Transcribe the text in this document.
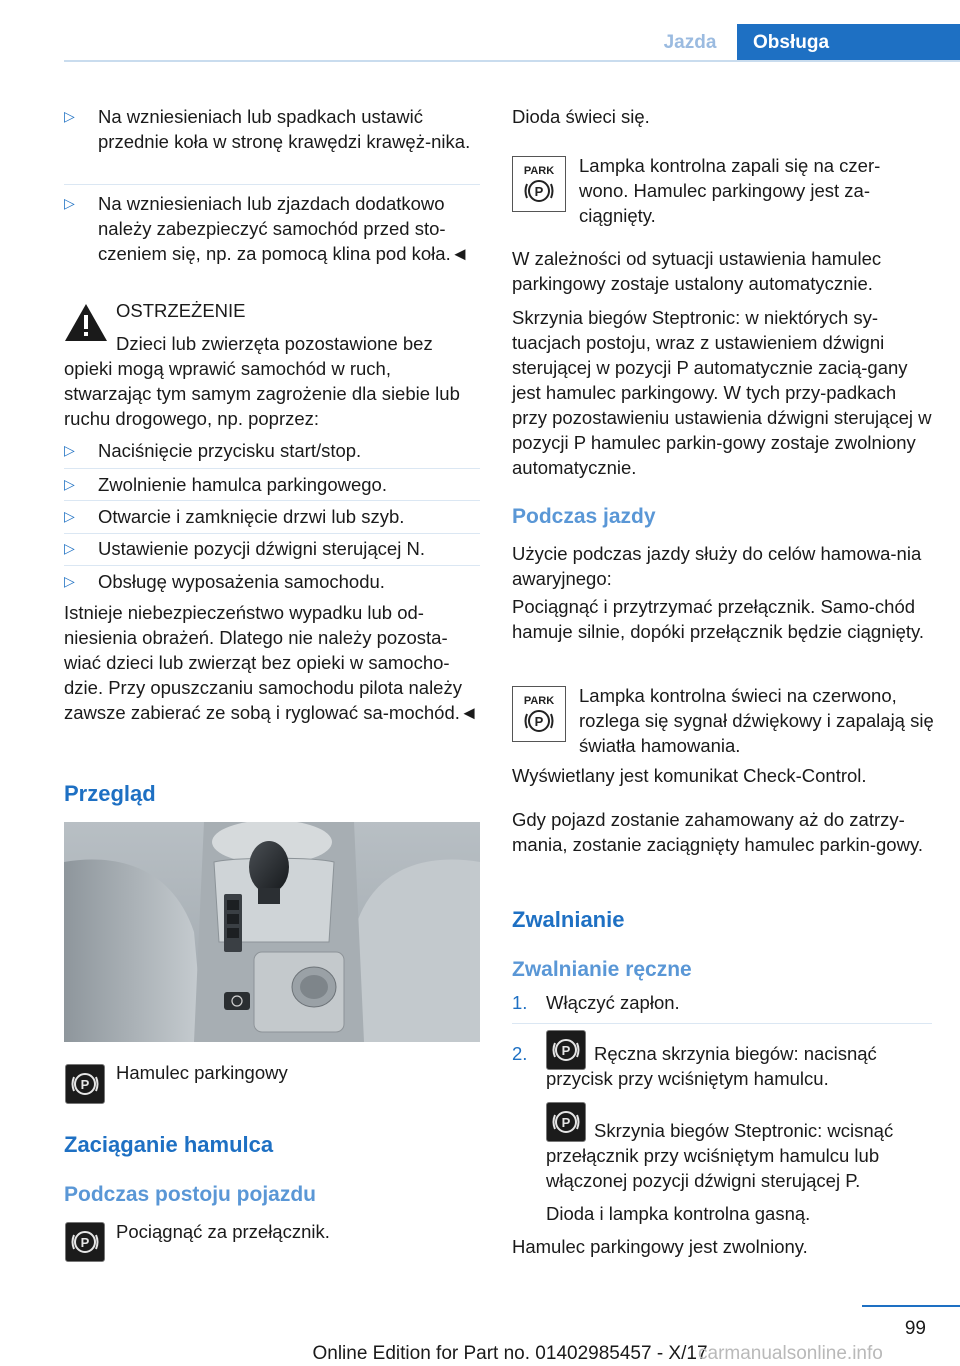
Jazda	Obsługa
▷ Na wzniesieniach lub spadkach ustawić przednie koła w stronę krawędzi krawęż-nika.

▷ Na wzniesieniach lub zjazdach dodatkowo należy zabezpieczyć samochód przed sto-czeniem się, np. za pomocą klina pod koła.◄

OSTRZEŻENIE

Dzieci lub zwierzęta pozostawione bez opieki mogą wprawić samochód w ruch, stwarzając tym samym zagrożenie dla siebie lub ruchu drogowego, np. poprzez:

▷ Naciśnięcie przycisku start/stop.

▷ Zwolnienie hamulca parkingowego.

▷ Otwarcie i zamknięcie drzwi lub szyb.

▷ Ustawienie pozycji dźwigni sterującej N.

▷ Obsługę wyposażenia samochodu.

Istnieje niebezpieczeństwo wypadku lub od-niesienia obrażeń. Dlatego nie należy pozosta-wiać dzieci lub zwierząt bez opieki w samocho-dzie. Przy opuszczaniu samochodu pilota należy zawsze zabierać ze sobą i ryglować sa-mochód.◄

Przegląd
P

Hamulec parkingowy

Zaciąganie hamulca
Podczas postoju pojazdu
P

Pociągnąć za przełącznik.

Dioda świeci się.

PARK
P

Lampka kontrolna zapali się na czer-wono. Hamulec parkingowy jest za-ciągnięty.

W zależności od sytuacji ustawienia hamulec parkingowy zostaje ustalony automatycznie.

Skrzynia biegów Steptronic: w niektórych sy-tuacjach postoju, wraz z ustawieniem dźwigni sterującej w pozycji P automatycznie zacią-gany jest hamulec parkingowy. W tych przy-padkach przy pozostawieniu ustawienia dźwigni sterującej w pozycji P hamulec parkin-gowy zostaje zwolniony automatycznie.

Podczas jazdy

Użycie podczas jazdy służy do celów hamowa-nia awaryjnego:

Pociągnąć i przytrzymać przełącznik. Samo-chód hamuje silnie, dopóki przełącznik będzie ciągnięty.

PARK
P

Lampka kontrolna świeci na czerwono, rozlega się sygnał dźwiękowy i zapalają się światła hamowania.

Wyświetlany jest komunikat Check-Control.

Gdy pojazd zostanie zahamowany aż do zatrzy-mania, zostanie zaciągnięty hamulec parkin-gowy.

Zwalnianie
Zwalnianie ręczne
1. Włączyć zapłon.

2.	P	Ręczna skrzynia biegów: nacisnąć przycisk przy wciśniętym hamulcu.

P	Skrzynia biegów Steptronic: wcisnąć przełącznik przy wciśniętym hamulcu lub włączonej pozycji dźwigni sterującej P.

Dioda i lampka kontrolna gasną.

Hamulec parkingowy jest zwolniony.

99
Online Edition for Part no. 01402985457 - X/17
carmanualsonline.info
